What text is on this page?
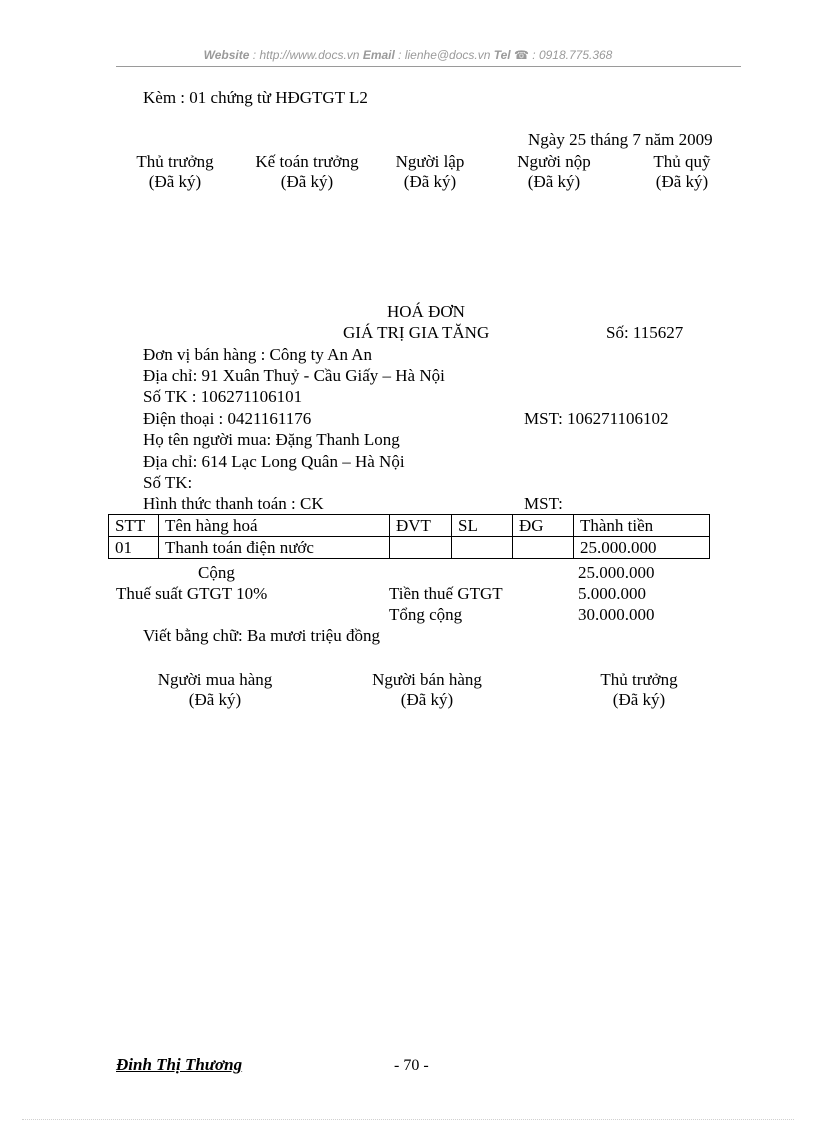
Website : http://www.docs.vn Email : lienhe@docs.vn Tel ☎ : 0918.775.368
Kèm : 01 chứng từ HĐGTGT L2
Ngày 25 tháng 7 năm 2009
Thủ trưởng
(Đã ký)
Kế toán trưởng
(Đã ký)
Người lập
(Đã ký)
Người nộp
(Đã ký)
Thủ quỹ
(Đã ký)
HOÁ ĐƠN
GIÁ TRỊ GIA TĂNG	Số: 115627
Đơn vị bán hàng : Công ty An An
Địa chỉ: 91 Xuân Thuỷ - Cầu Giấy – Hà Nội
Số TK : 106271106101
Điện thoại : 0421161176	MST: 106271106102
Họ tên người mua: Đặng Thanh Long
Địa chỉ: 614 Lạc Long Quân – Hà Nội
Số TK:
Hình thức thanh toán : CK	MST:
STT	Tên hàng hoá	ĐVT	SL	ĐG	Thành tiền
01	Thanh toán điện nước				25.000.000
Cộng	25.000.000
Thuế suất GTGT 10%	Tiền thuế GTGT	5.000.000
Tổng cộng	30.000.000
Viết bằng chữ: Ba mươi triệu đồng
Người mua hàng
(Đã ký)
Người bán hàng
(Đã ký)
Thủ trưởng
(Đã ký)
Đinh Thị Thương	- 70 -
